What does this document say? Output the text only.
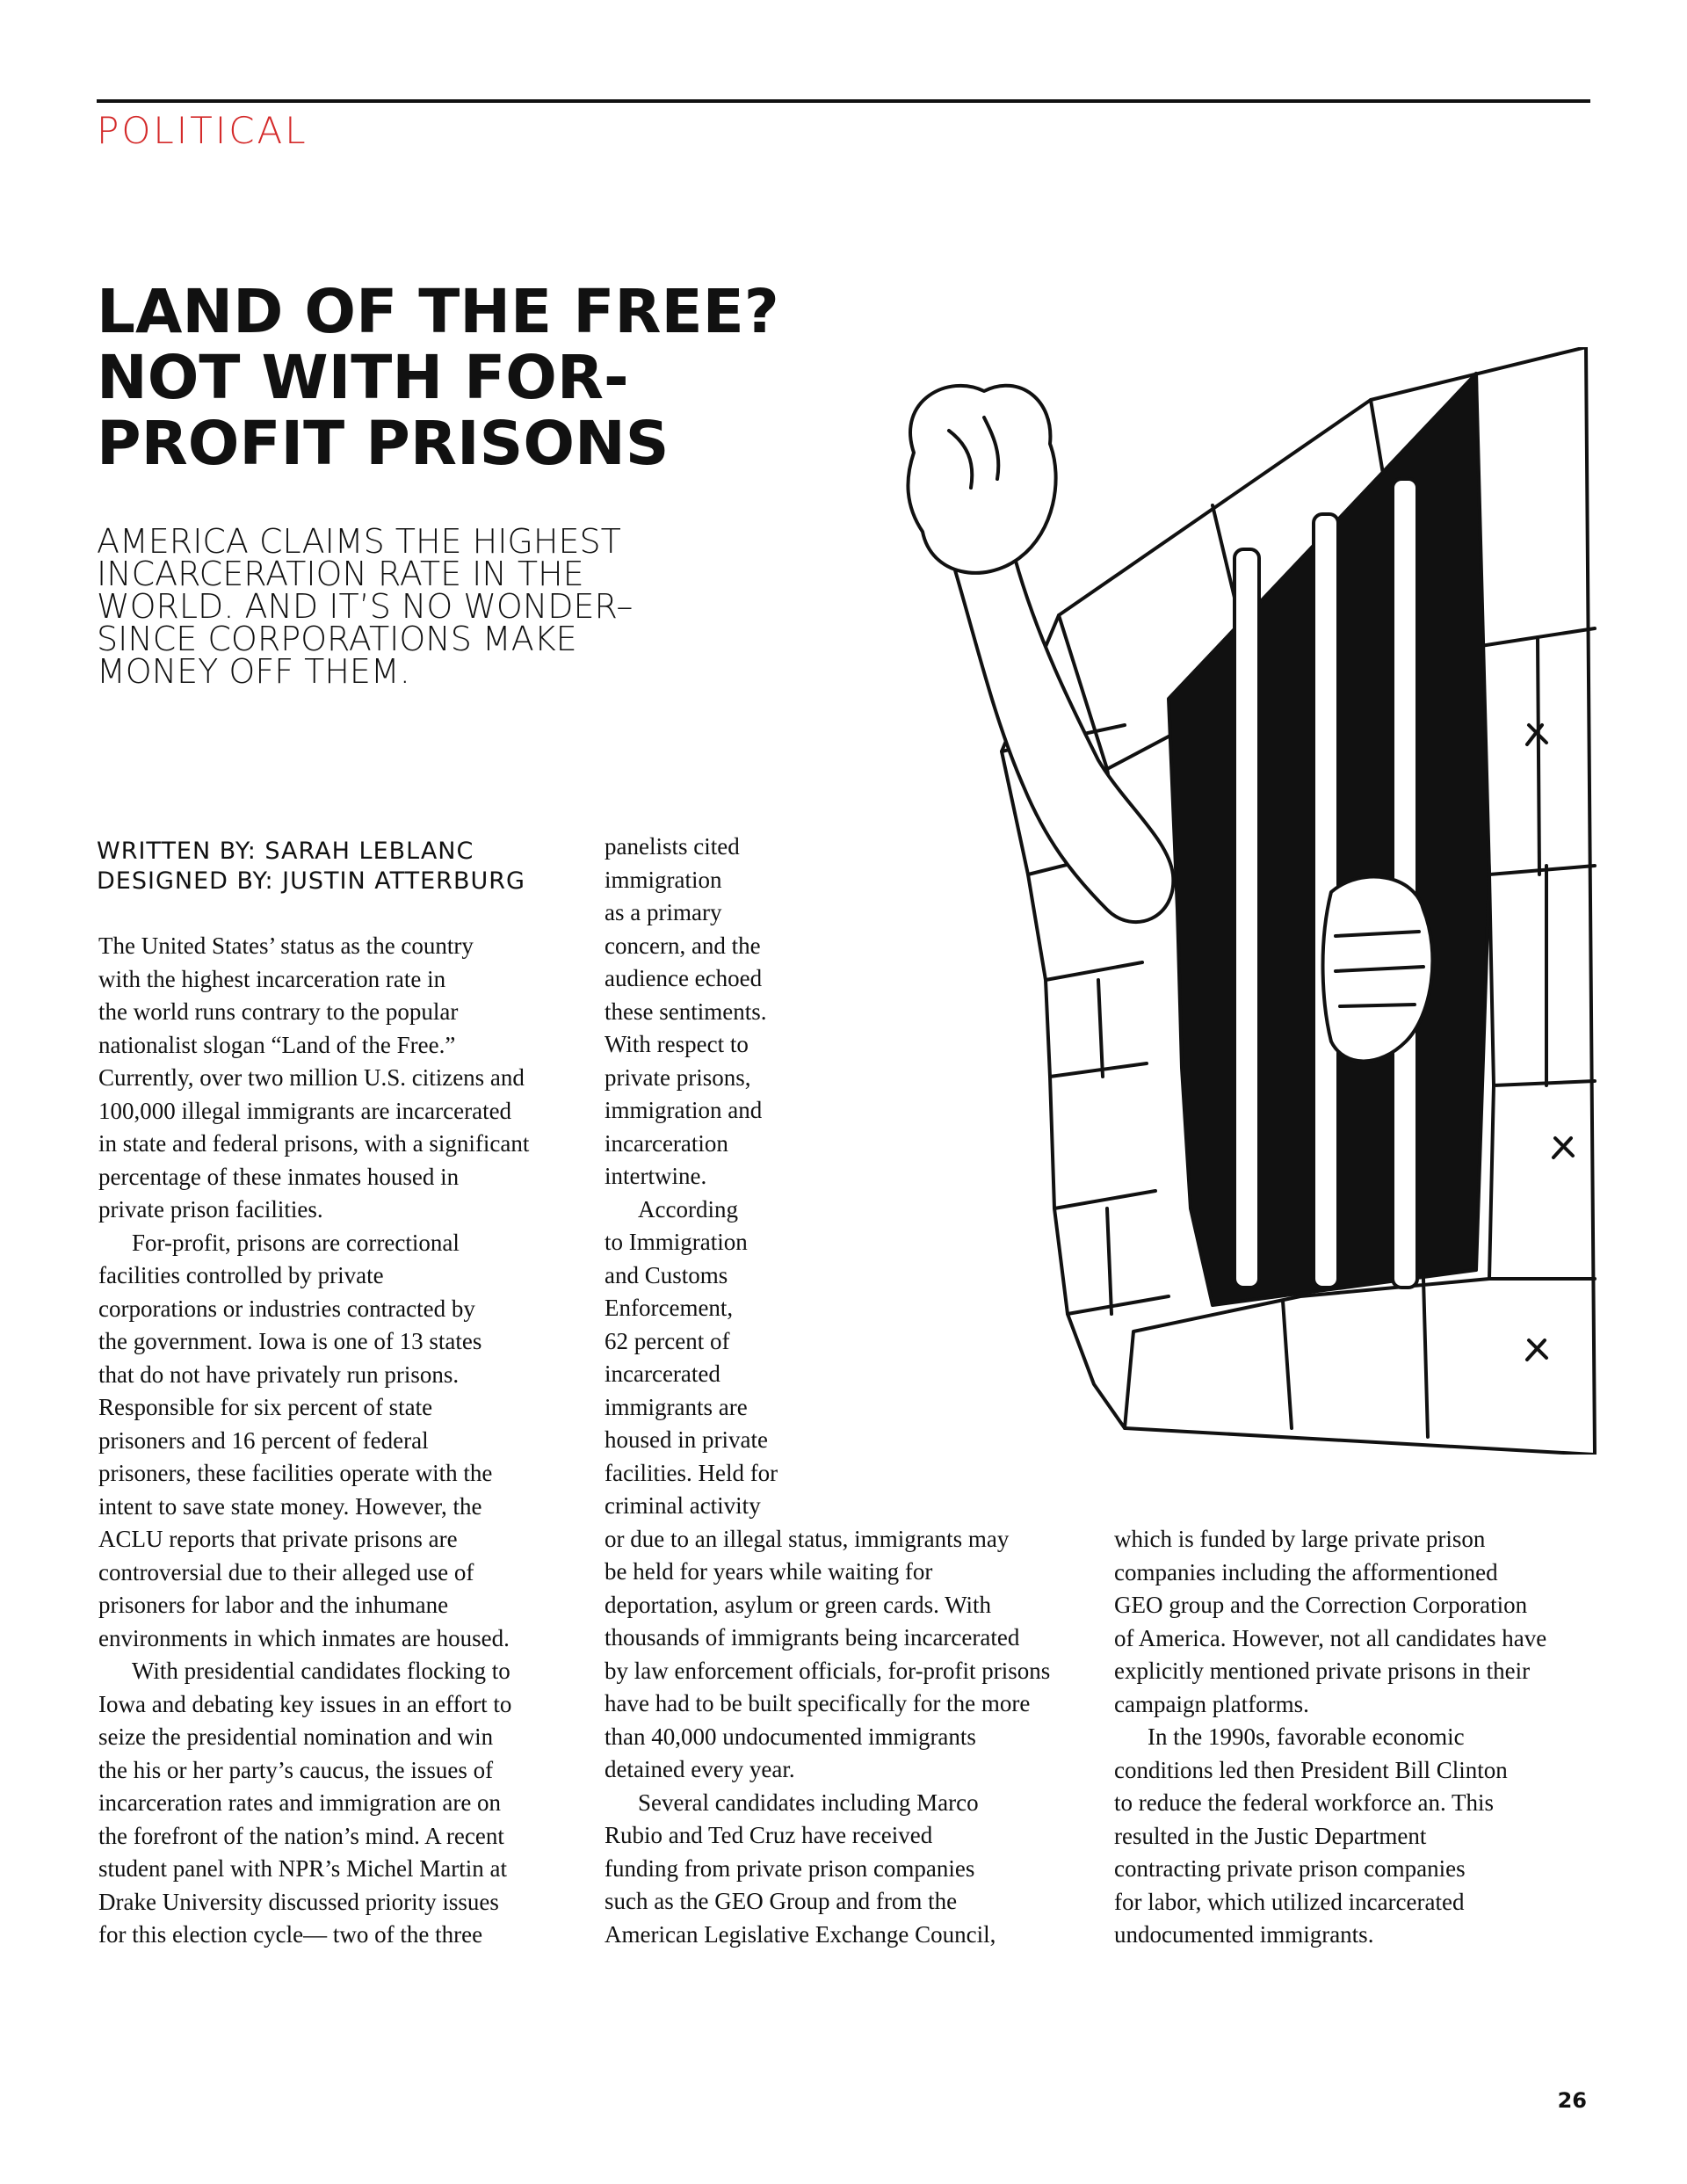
POLITICAL
LAND OF THE FREE?
NOT WITH FOR-
PROFIT PRISONS

AMERICA CLAIMS THE HIGHEST
INCARCERATION RATE IN THE
WORLD. AND IT’S NO WONDER–
SINCE CORPORATIONS MAKE
MONEY OFF THEM.

WRITTEN BY: SARAH LEBLANC
DESIGNED BY: JUSTIN ATTERBURG
The United States’ status as the country
with the highest incarceration rate in
the world runs contrary to the popular
nationalist slogan “Land of the Free.”
Currently, over two million U.S. citizens and
100,000 illegal immigrants are incarcerated
in state and federal prisons, with a significant
percentage of these inmates housed in
private prison facilities.
For-profit, prisons are correctional
facilities controlled by private
corporations or industries contracted by
the government. Iowa is one of 13 states
that do not have privately run prisons.
Responsible for six percent of state
prisoners and 16 percent of federal
prisoners, these facilities operate with the
intent to save state money. However, the
ACLU reports that private prisons are
controversial due to their alleged use of
prisoners for labor and the inhumane
environments in which inmates are housed.
With presidential candidates flocking to
Iowa and debating key issues in an effort to
seize the presidential nomination and win
the his or her party’s caucus, the issues of
incarceration rates and immigration are on
the forefront of the nation’s mind. A recent
student panel with NPR’s Michel Martin at
Drake University discussed priority issues
for this election cycle— two of the three
panelists cited
immigration
as a primary
concern, and the
audience echoed
these sentiments.
With respect to
private prisons,
immigration and
incarceration
intertwine.
According
to Immigration
and Customs
Enforcement,
62 percent of
incarcerated
immigrants are
housed in private
facilities. Held for
criminal activity
or due to an illegal status, immigrants may
be held for years while waiting for
deportation, asylum or green cards. With
thousands of immigrants being incarcerated
by law enforcement officials, for-profit prisons
have had to be built specifically for the more
than 40,000 undocumented immigrants
detained every year.
Several candidates including Marco
Rubio and Ted Cruz have received
funding from private prison companies
such as the GEO Group and from the
American Legislative Exchange Council,
which is funded by large private prison
companies including the afformentioned
GEO group and the Correction Corporation
of America. However, not all candidates have
explicitly mentioned private prisons in their
campaign platforms.
In the 1990s, favorable economic
conditions led then President Bill Clinton
to reduce the federal workforce an. This
resulted in the Justic Department
contracting private prison companies
for labor, which utilized incarcerated
undocumented immigrants.
26
